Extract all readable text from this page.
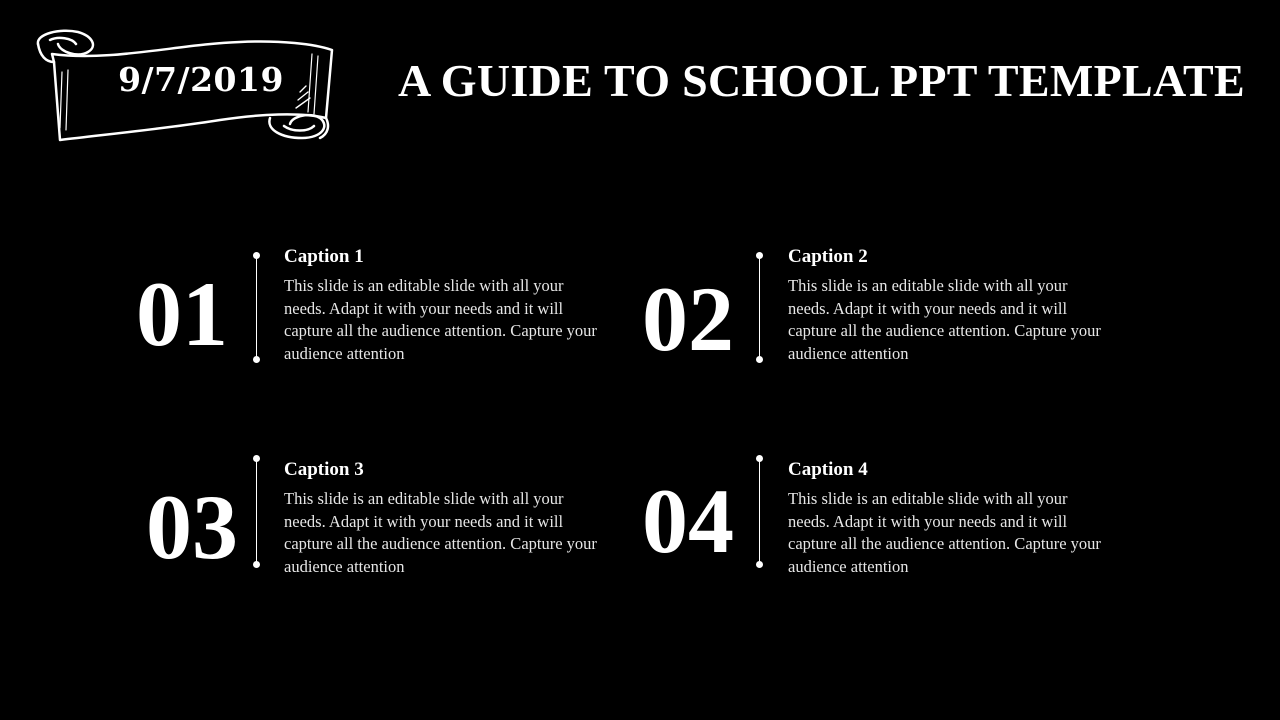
9/7/2019 A GUIDE TO SCHOOL PPT TEMPLATE
01
Caption 1
This slide is an editable slide with all your needs. Adapt it with your needs and it will capture all the audience attention. Capture your audience attention	02
Caption 2
This slide is an editable slide with all your needs. Adapt it with your needs and it will capture all the audience attention. Capture your audience attention
03
Caption 3
This slide is an editable slide with all your needs. Adapt it with your needs and it will capture all the audience attention. Capture your audience attention	04
Caption 4
This slide is an editable slide with all your needs. Adapt it with your needs and it will capture all the audience attention. Capture your audience attention
